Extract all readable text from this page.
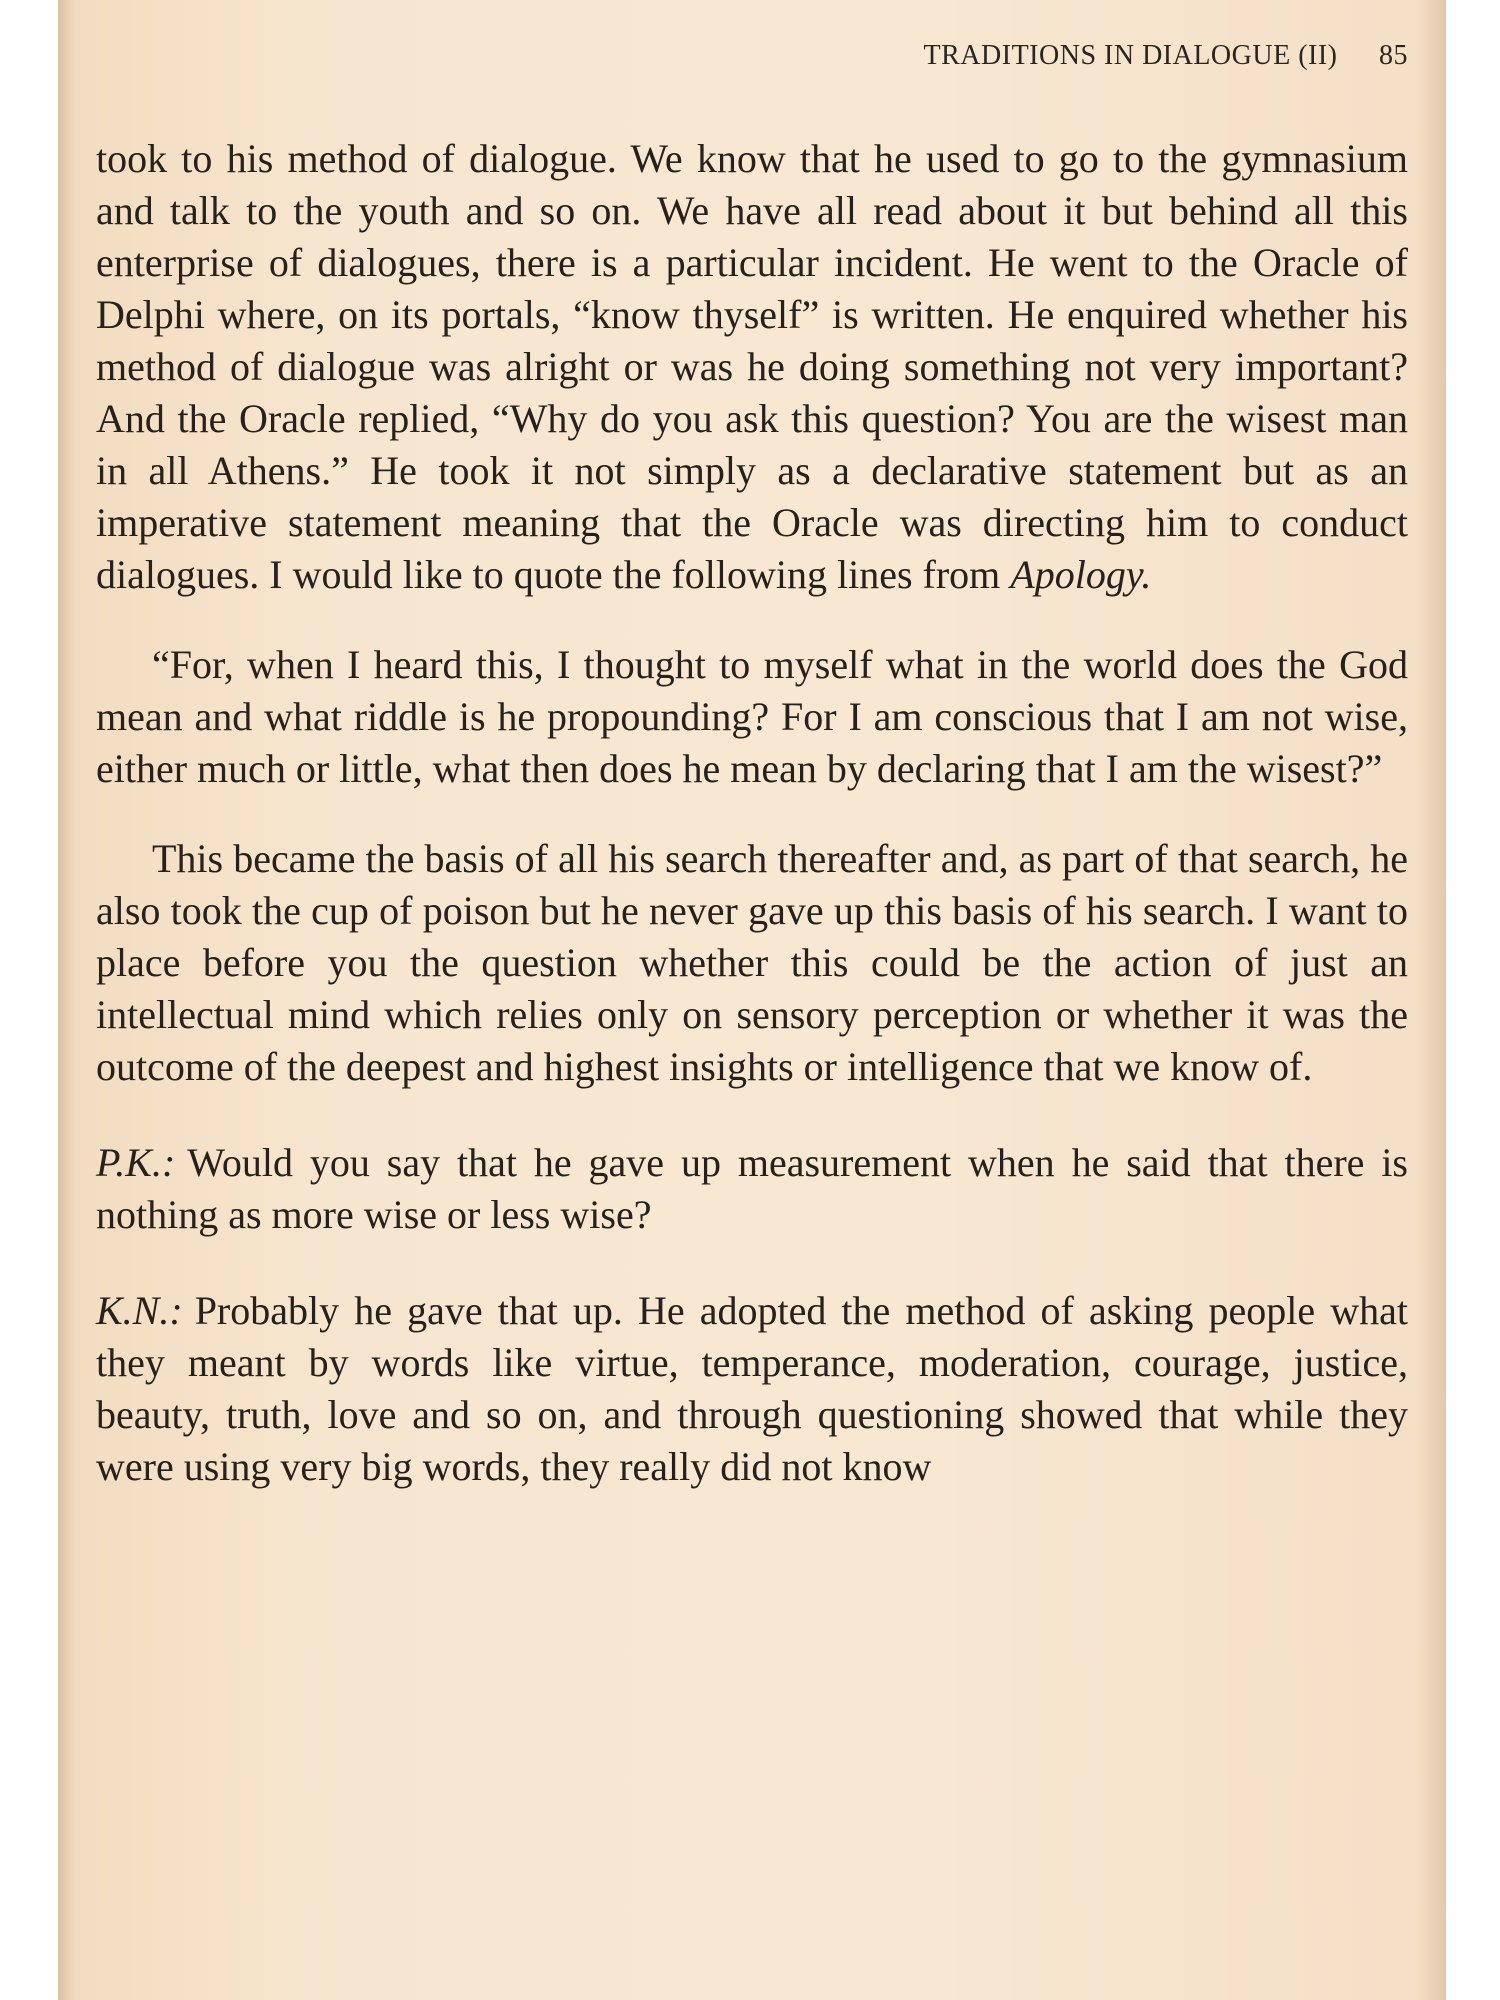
TRADITIONS IN DIALOGUE (II) 85

took to his method of dialogue. We know that he used to go to the gymnasium and talk to the youth and so on. We have all read about it but behind all this enterprise of dialogues, there is a particular incident. He went to the Oracle of Delphi where, on its portals, “know thyself” is written. He enquired whether his method of dialogue was alright or was he doing something not very important? And the Oracle replied, “Why do you ask this question? You are the wisest man in all Athens.” He took it not simply as a declarative statement but as an imperative statement meaning that the Oracle was directing him to conduct dialogues. I would like to quote the following lines from Apology.

“For, when I heard this, I thought to myself what in the world does the God mean and what riddle is he propounding? For I am conscious that I am not wise, either much or little, what then does he mean by declaring that I am the wisest?”

This became the basis of all his search thereafter and, as part of that search, he also took the cup of poison but he never gave up this basis of his search. I want to place before you the question whether this could be the action of just an intellectual mind which relies only on sensory perception or whether it was the outcome of the deepest and highest insights or intelligence that we know of.

P.K.: Would you say that he gave up measurement when he said that there is nothing as more wise or less wise?

K.N.: Probably he gave that up. He adopted the method of asking people what they meant by words like virtue, temperance, moderation, courage, justice, beauty, truth, love and so on, and through questioning showed that while they were using very big words, they really did not know
